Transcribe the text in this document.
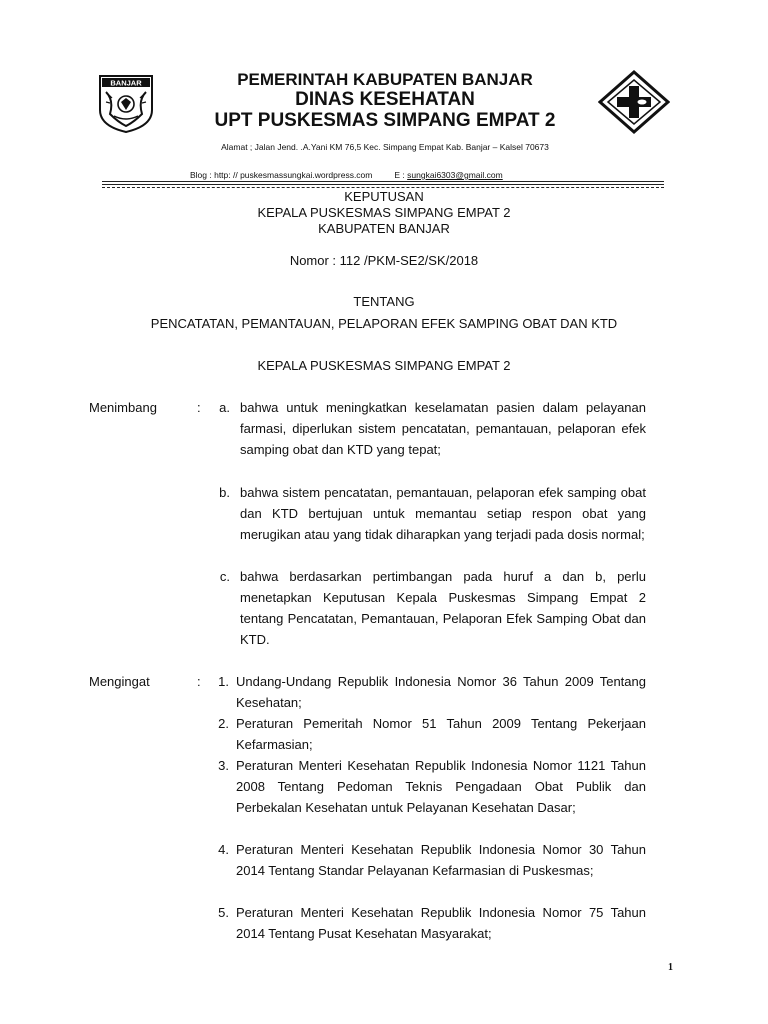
BANJAR	PEMERINTAH KABUPATEN BANJAR
DINAS KESEHATAN
UPT PUSKESMAS SIMPANG EMPAT 2
Alamat ; Jalan Jend. .A.Yani KM 76,5 Kec. Simpang Empat Kab. Banjar – Kalsel 70673
Blog : http: // puskesmassungkai.wordpress.com	E : sungkai6303@gmail.com
KEPUTUSAN
KEPALA PUSKESMAS SIMPANG EMPAT 2
KABUPATEN BANJAR
Nomor : 112 /PKM-SE2/SK/2018
TENTANG
PENCATATAN, PEMANTAUAN, PELAPORAN EFEK SAMPING OBAT DAN KTD
KEPALA PUSKESMAS SIMPANG EMPAT 2
Menimbang	:	a. bahwa untuk meningkatkan keselamatan pasien dalam pelayanan farmasi, diperlukan sistem pencatatan, pemantauan, pelaporan efek samping obat dan KTD yang tepat;
b. bahwa sistem pencatatan, pemantauan, pelaporan efek samping obat dan KTD bertujuan untuk memantau setiap respon obat yang merugikan atau yang tidak diharapkan yang terjadi pada dosis normal;
c. bahwa berdasarkan pertimbangan pada huruf a dan b, perlu menetapkan Keputusan Kepala Puskesmas Simpang Empat 2 tentang Pencatatan, Pemantauan, Pelaporan Efek Samping Obat dan KTD.
Mengingat	:	1. Undang-Undang Republik Indonesia Nomor 36 Tahun 2009 Tentang Kesehatan;
2. Peraturan Pemeritah Nomor 51 Tahun 2009 Tentang Pekerjaan Kefarmasian;
3. Peraturan Menteri Kesehatan Republik Indonesia Nomor 1121 Tahun 2008 Tentang Pedoman Teknis Pengadaan Obat Publik dan Perbekalan Kesehatan untuk Pelayanan Kesehatan Dasar;
4. Peraturan Menteri Kesehatan Republik Indonesia Nomor 30 Tahun 2014 Tentang Standar Pelayanan Kefarmasian di Puskesmas;
5. Peraturan Menteri Kesehatan Republik Indonesia Nomor 75 Tahun 2014 Tentang Pusat Kesehatan Masyarakat;
1
